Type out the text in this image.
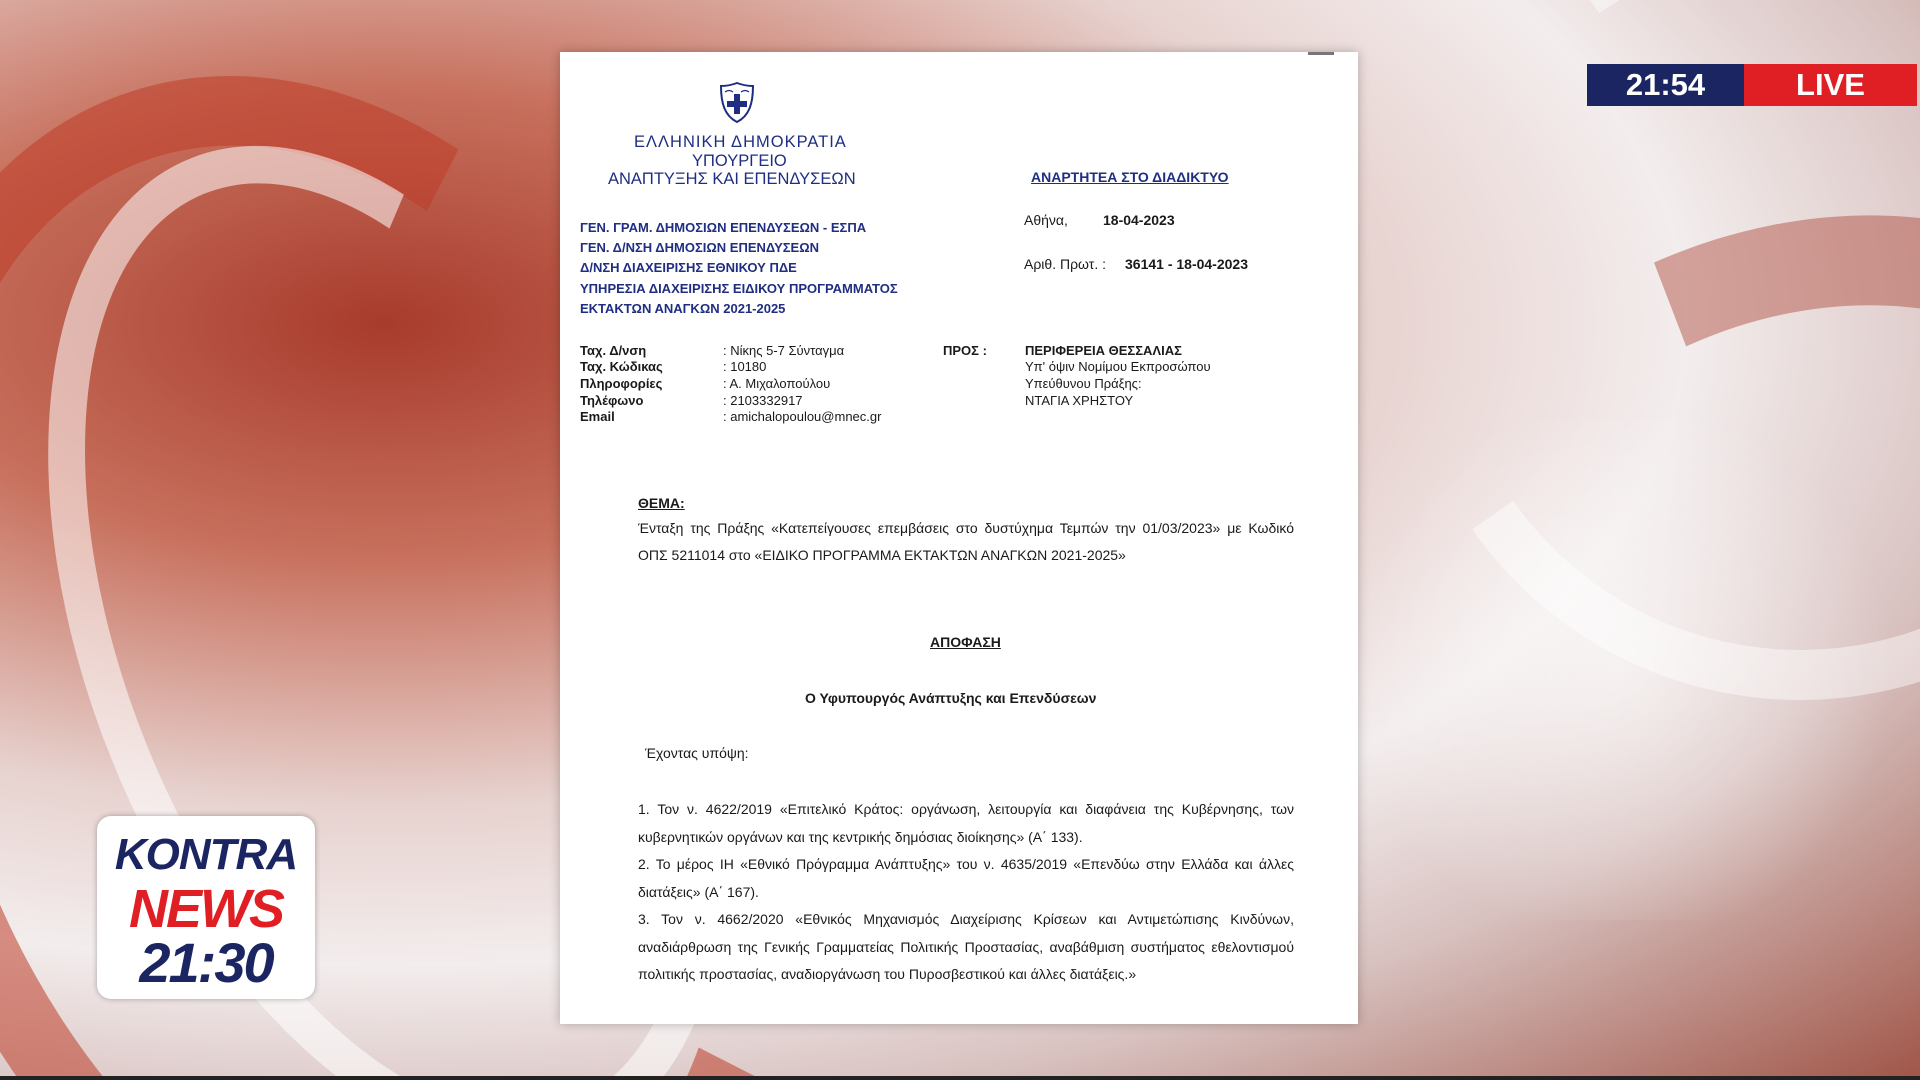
ΕΛΛΗΝΙΚΗ ΔΗΜΟΚΡΑΤΙΑ
ΥΠΟΥΡΓΕΙΟ
ΑΝΑΠΤΥΞΗΣ ΚΑΙ ΕΠΕΝΔΥΣΕΩΝ	ΑΝΑΡΤΗΤΕΑ ΣΤΟ ΔΙΑΔΙΚΤΥΟ
ΓΕΝ. ΓΡΑΜ. ΔΗΜΟΣΙΩΝ ΕΠΕΝΔΥΣΕΩΝ - ΕΣΠΑ
ΓΕΝ. Δ/ΝΣΗ ΔΗΜΟΣΙΩΝ ΕΠΕΝΔΥΣΕΩΝ
Δ/ΝΣΗ ΔΙΑΧΕΙΡΙΣΗΣ ΕΘΝΙΚΟΥ ΠΔΕ
ΥΠΗΡΕΣΙΑ ΔΙΑΧΕΙΡΙΣΗΣ ΕΙΔΙΚΟΥ ΠΡΟΓΡΑΜΜΑΤΟΣ
ΕΚΤΑΚΤΩΝ ΑΝΑΓΚΩΝ 2021-2025
Αθήνα,	18-04-2023
Αριθ. Πρωτ. : 36141 - 18-04-2023
Ταχ. Δ/νση	: Νίκης 5-7 Σύνταγμα
Ταχ. Κώδικας	: 10180
Πληροφορίες	: Α. Μιχαλοπούλου
Τηλέφωνο	: 2103332917
Email	: amichalopoulou@mnec.gr
ΠΡΟΣ :	ΠΕΡΙΦΕΡΕΙΑ ΘΕΣΣΑΛΙΑΣ
Υπ' όψιν Νομίμου Εκπροσώπου
Υπεύθυνου Πράξης:
ΝΤΑΓΙΑ ΧΡΗΣΤΟΥ
ΘΕΜΑ:
Ένταξη της Πράξης «Κατεπείγουσες επεμβάσεις στο δυστύχημα Τεμπών την 01/03/2023» με Κωδικό ΟΠΣ 5211014 στο «ΕΙΔΙΚΟ ΠΡΟΓΡΑΜΜΑ ΕΚΤΑΚΤΩΝ ΑΝΑΓΚΩΝ 2021-2025»
ΑΠΟΦΑΣΗ
Ο Υφυπουργός Ανάπτυξης και Επενδύσεων
Έχοντας υπόψη:
1. Τον ν. 4622/2019 «Επιτελικό Κράτος: οργάνωση, λειτουργία και διαφάνεια της Κυβέρνησης, των κυβερνητικών οργάνων και της κεντρικής δημόσιας διοίκησης» (Α΄ 133).
2. Το μέρος ΙΗ «Εθνικό Πρόγραμμα Ανάπτυξης» του ν. 4635/2019 «Επενδύω στην Ελλάδα και άλλες διατάξεις» (Α΄ 167).
3. Τον ν. 4662/2020 «Εθνικός Μηχανισμός Διαχείρισης Κρίσεων και Αντιμετώπισης Κινδύνων, αναδιάρθρωση της Γενικής Γραμματείας Πολιτικής Προστασίας, αναβάθμιση συστήματος εθελοντισμού πολιτικής προστασίας, αναδιοργάνωση του Πυροσβεστικού και άλλες διατάξεις.»
21:54	LIVE
KONTRA
NEWS
21:30
